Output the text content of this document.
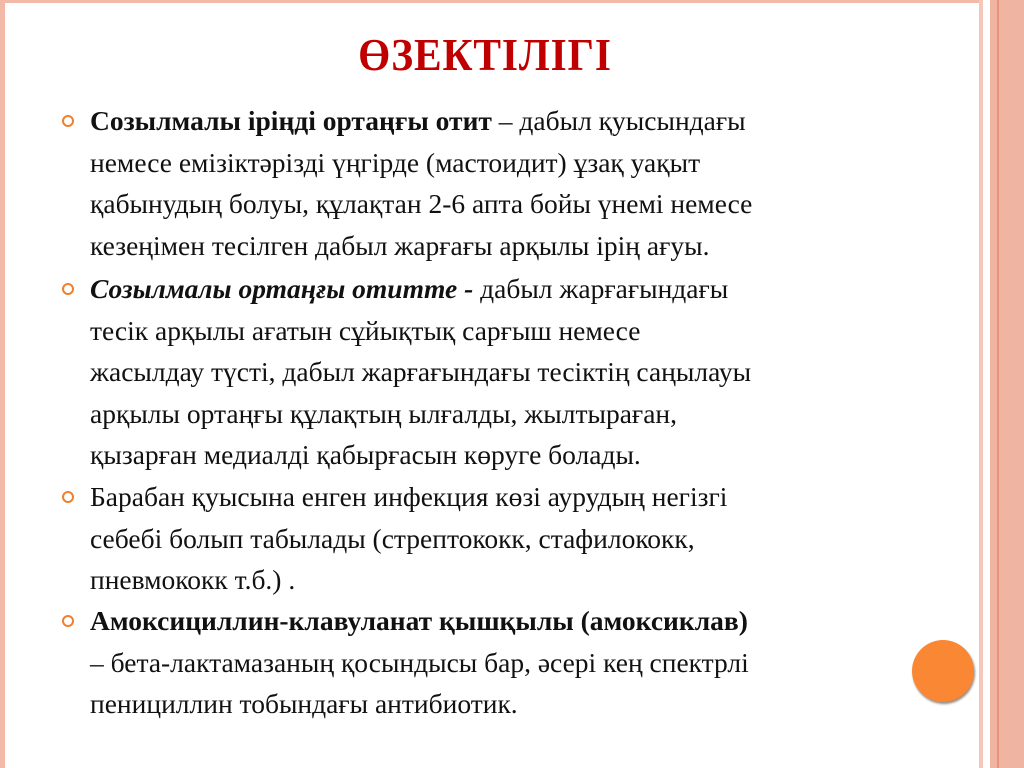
ӨЗЕКТІЛІГІ
Созылмалы іріңді ортаңғы отит – дабыл қуысындағы
немесе емізіктәрізді үңгірде (мастоидит) ұзақ уақыт
қабынудың болуы, құлақтан 2-6 апта бойы үнемі немесе
кезеңімен тесілген дабыл жарғағы арқылы ірің ағуы.
Созылмалы ортаңғы отитте - дабыл жарғағындағы
тесік арқылы ағатын сұйықтық сарғыш немесе
жасылдау түсті, дабыл жарғағындағы тесіктің саңылауы
арқылы ортаңғы құлақтың ылғалды, жылтыраған,
қызарған медиалді қабырғасын көруге болады.
Барабан қуысына енген инфекция көзі аурудың негізгі
себебі болып табылады (стрептококк, стафилококк,
пневмококк т.б.) .
Амоксициллин-клавуланат қышқылы (амоксиклав)
– бета-лактамазаның қосындысы бар, әсері кең спектрлі
пенициллин тобындағы антибиотик.
